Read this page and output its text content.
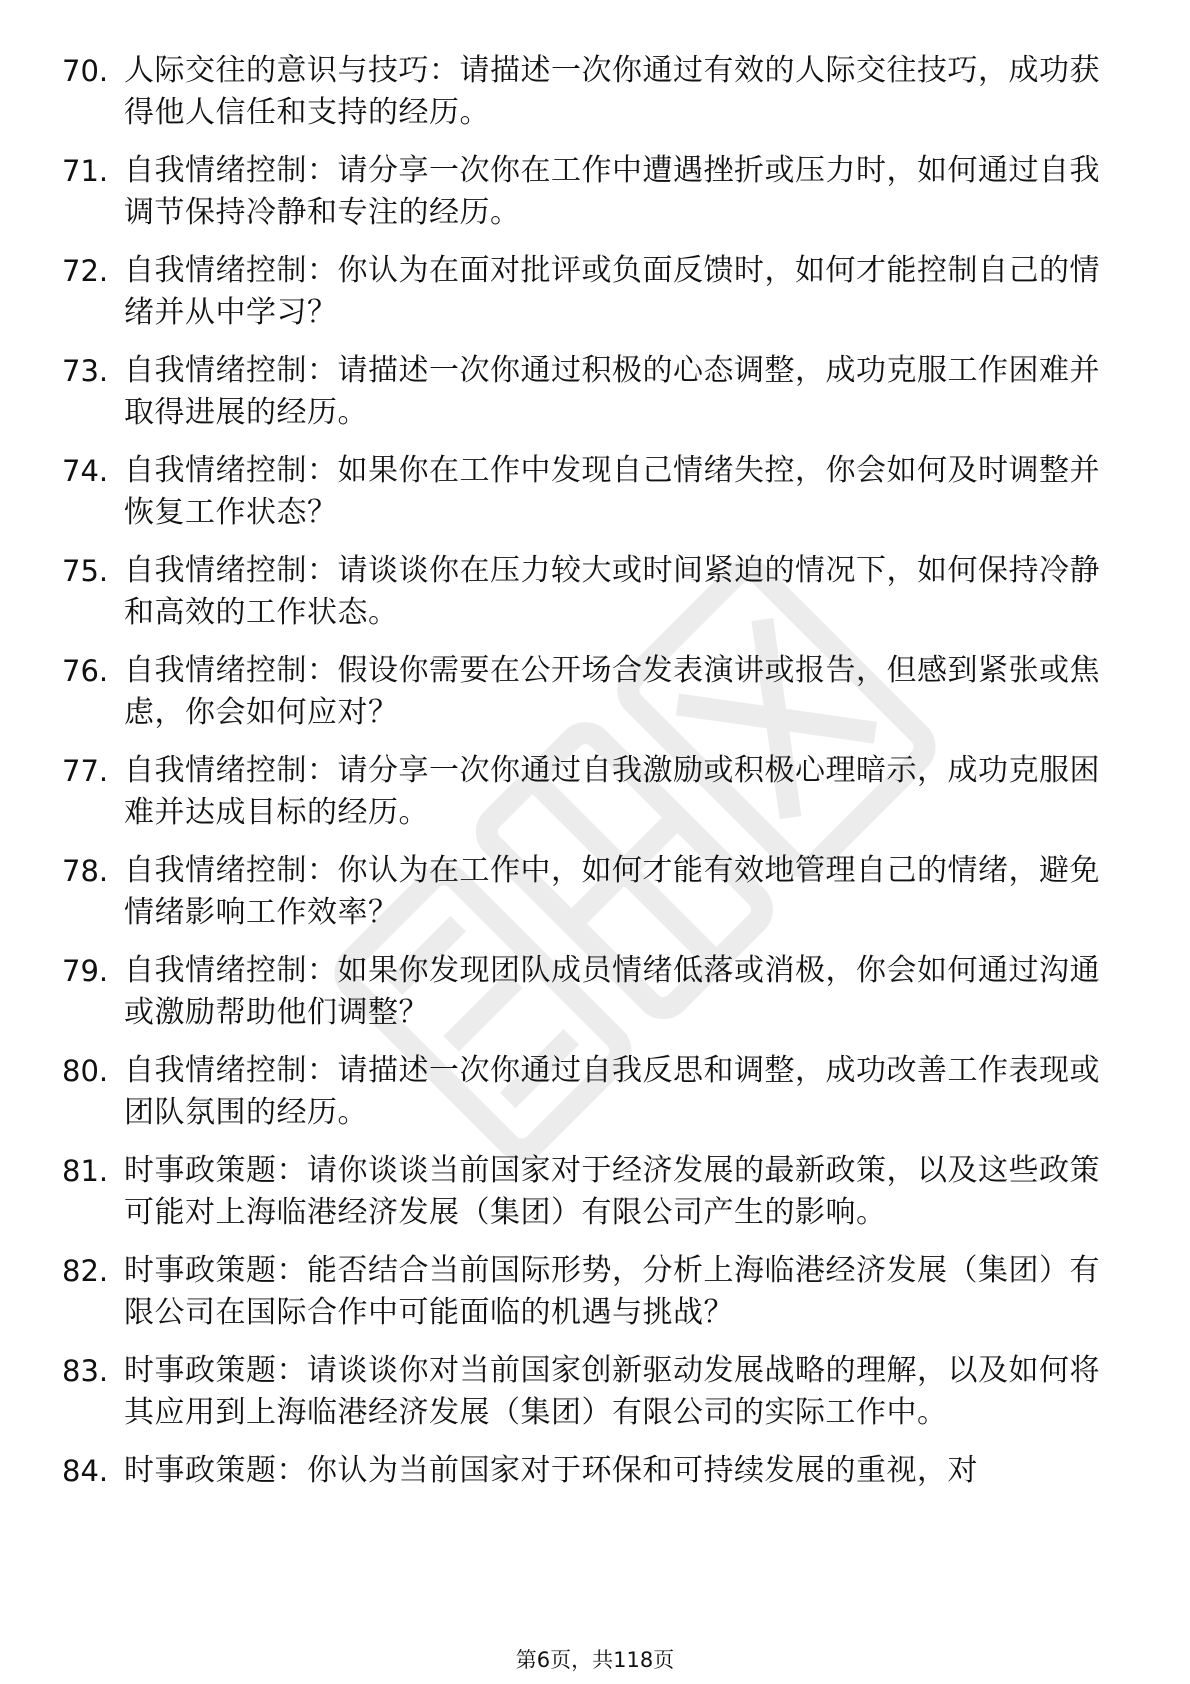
70. 人际交往的意识与技巧：请描述一次你通过有效的人际交往技巧，成功获得他人信任和支持的经历。
71. 自我情绪控制：请分享一次你在工作中遭遇挫折或压力时，如何通过自我调节保持冷静和专注的经历。
72. 自我情绪控制：你认为在面对批评或负面反馈时，如何才能控制自己的情绪并从中学习？
73. 自我情绪控制：请描述一次你通过积极的心态调整，成功克服工作困难并取得进展的经历。
74. 自我情绪控制：如果你在工作中发现自己情绪失控，你会如何及时调整并恢复工作状态？
75. 自我情绪控制：请谈谈你在压力较大或时间紧迫的情况下，如何保持冷静和高效的工作状态。
76. 自我情绪控制：假设你需要在公开场合发表演讲或报告，但感到紧张或焦虑，你会如何应对？
77. 自我情绪控制：请分享一次你通过自我激励或积极心理暗示，成功克服困难并达成目标的经历。
78. 自我情绪控制：你认为在工作中，如何才能有效地管理自己的情绪，避免情绪影响工作效率？
79. 自我情绪控制：如果你发现团队成员情绪低落或消极，你会如何通过沟通或激励帮助他们调整？
80. 自我情绪控制：请描述一次你通过自我反思和调整，成功改善工作表现或团队氛围的经历。
81. 时事政策题：请你谈谈当前国家对于经济发展的最新政策，以及这些政策可能对上海临港经济发展（集团）有限公司产生的影响。
82. 时事政策题：能否结合当前国际形势，分析上海临港经济发展（集团）有限公司在国际合作中可能面临的机遇与挑战？
83. 时事政策题：请谈谈你对当前国家创新驱动发展战略的理解，以及如何将其应用到上海临港经济发展（集团）有限公司的实际工作中。
84. 时事政策题：你认为当前国家对于环保和可持续发展的重视，对
第6页，共118页
